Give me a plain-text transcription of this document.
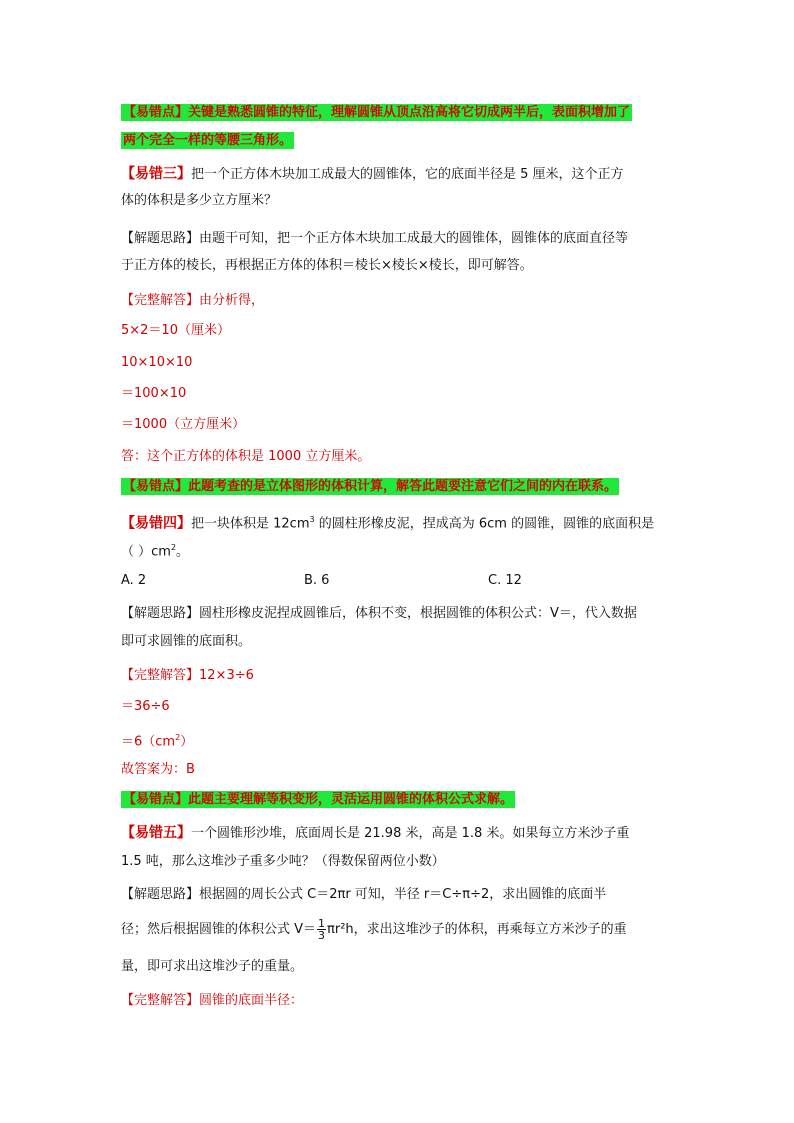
【易错点】关键是熟悉圆锥的特征，理解圆锥从顶点沿高将它切成两半后，表面积增加了
两个完全一样的等腰三角形。
【易错三】把一个正方体木块加工成最大的圆锥体，它的底面半径是 5 厘米，这个正方
体的体积是多少立方厘米？
【解题思路】由题干可知，把一个正方体木块加工成最大的圆锥体，圆锥体的底面直径等
于正方体的棱长，再根据正方体的体积＝棱长×棱长×棱长，即可解答。
【完整解答】由分析得，
5×2＝10（厘米）
10×10×10
＝100×10
＝1000（立方厘米）
答：这个正方体的体积是 1000 立方厘米。
【易错点】此题考查的是立体图形的体积计算，解答此题要注意它们之间的内在联系。
【易错四】把一块体积是 $12cm^3$ 的圆柱形橡皮泥，捏成高为 6cm 的圆锥，圆锥的底面积是
（ ）$cm^2$。
A. 2	B. 6	C. 12
【解题思路】圆柱形橡皮泥捏成圆锥后，体积不变，根据圆锥的体积公式：V＝，代入数据
即可求圆锥的底面积。
【完整解答】12×3÷6
＝36÷6
$=6(cm^2)$
故答案为：B
【易错点】此题主要理解等积变形，灵活运用圆锥的体积公式求解。
【易错五】一个圆锥形沙堆，底面周长是 21.98 米，高是 1.8 米。如果每立方米沙子重
1.5 吨，那么这堆沙子重多少吨？（得数保留两位小数）
【解题思路】根据圆的周长公式 C＝2πr 可知，半径 r＝C÷π÷2，求出圆锥的底面半
径；然后根据圆锥的体积公式 $V= \frac{1}{3} \pi r^2h$，求出这堆沙子的体积，再乘每立方米沙子的重
量，即可求出这堆沙子的重量。
【完整解答】圆锥的底面半径：
